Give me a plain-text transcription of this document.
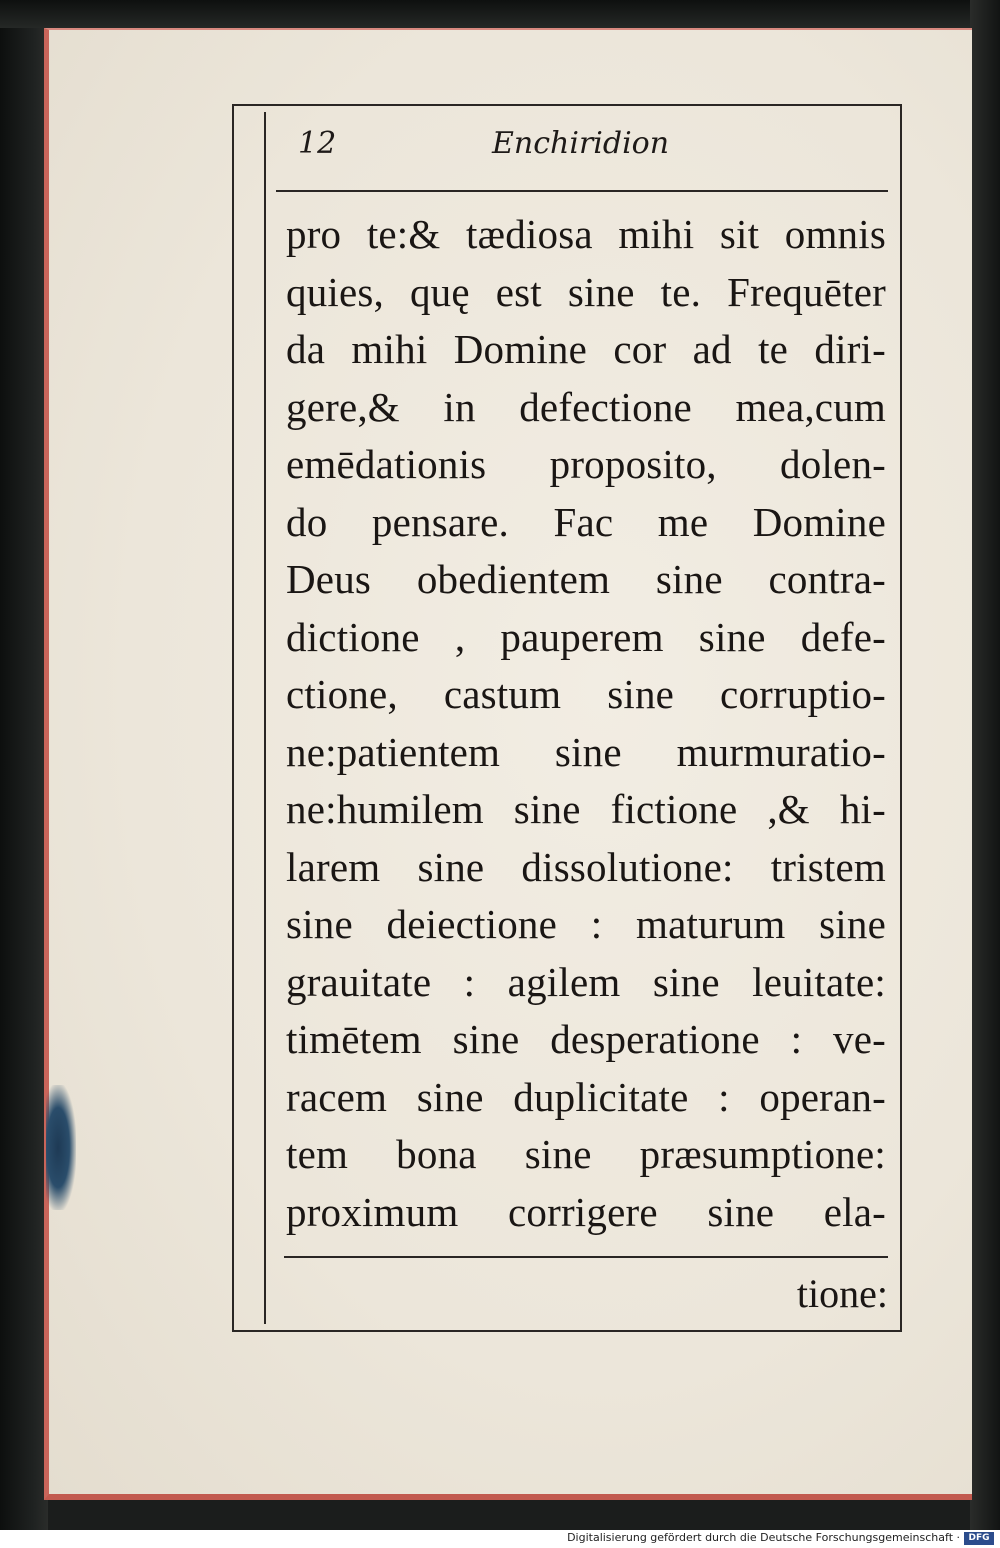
12	Enchiridion
pro te:& tædiosa mihi sit omnis
quies, quę est sine te. Frequēter
da mihi Domine cor ad te diri-
gere,& in defectione mea,cum
emēdationis proposito, dolen-
do pensare. Fac me Domine
Deus obedientem sine contra-
dictione , pauperem sine defe-
ctione, castum sine corruptio-
ne:patientem sine murmuratio-
ne:humilem sine fictione ,& hi-
larem sine dissolutione: tristem
sine deiectione : maturum sine
grauitate : agilem sine leuitate:
timētem sine desperatione : ve-
racem sine duplicitate : operan-
tem bona sine præsumptione:
proximum corrigere sine ela-
tione:
Digitalisierung gefördert durch die Deutsche Forschungsgemeinschaft · DFG
